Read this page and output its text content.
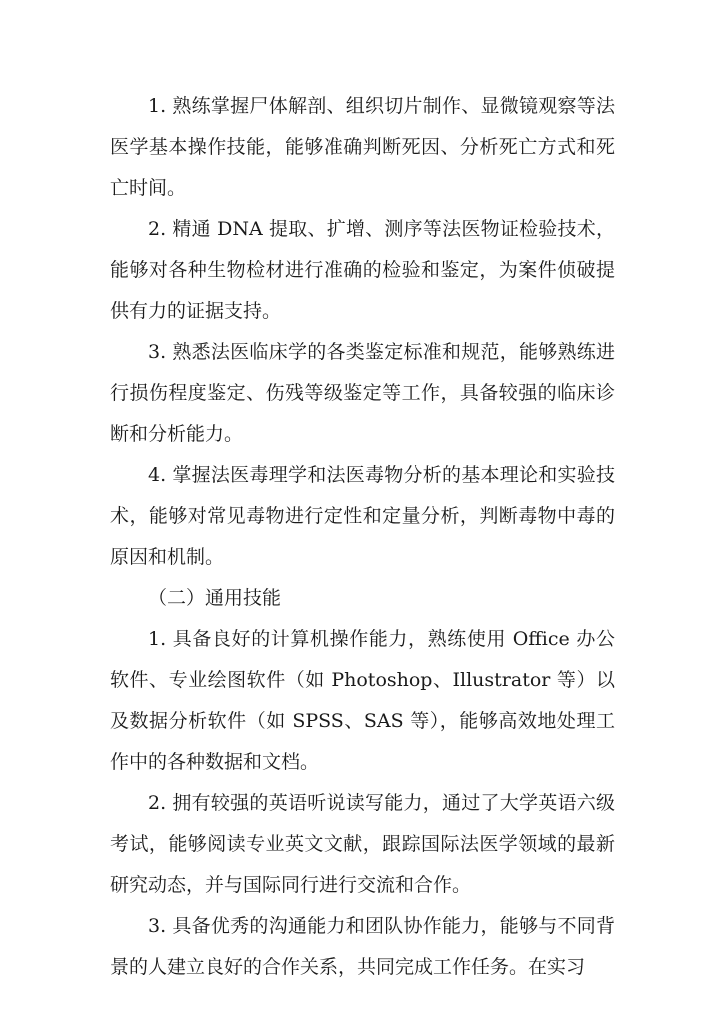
1. 熟练掌握尸体解剖、组织切片制作、显微镜观察等法医学基本操作技能，能够准确判断死因、分析死亡方式和死亡时间。

2. 精通 DNA 提取、扩增、测序等法医物证检验技术，能够对各种生物检材进行准确的检验和鉴定，为案件侦破提供有力的证据支持。

3. 熟悉法医临床学的各类鉴定标准和规范，能够熟练进行损伤程度鉴定、伤残等级鉴定等工作，具备较强的临床诊断和分析能力。

4. 掌握法医毒理学和法医毒物分析的基本理论和实验技术，能够对常见毒物进行定性和定量分析，判断毒物中毒的原因和机制。

（二）通用技能

1. 具备良好的计算机操作能力，熟练使用 Office 办公软件、专业绘图软件（如 Photoshop、Illustrator 等）以及数据分析软件（如 SPSS、SAS 等），能够高效地处理工作中的各种数据和文档。

2. 拥有较强的英语听说读写能力，通过了大学英语六级考试，能够阅读专业英文文献，跟踪国际法医学领域的最新研究动态，并与国际同行进行交流和合作。

3. 具备优秀的沟通能力和团队协作能力，能够与不同背景的人建立良好的合作关系，共同完成工作任务。在实习
